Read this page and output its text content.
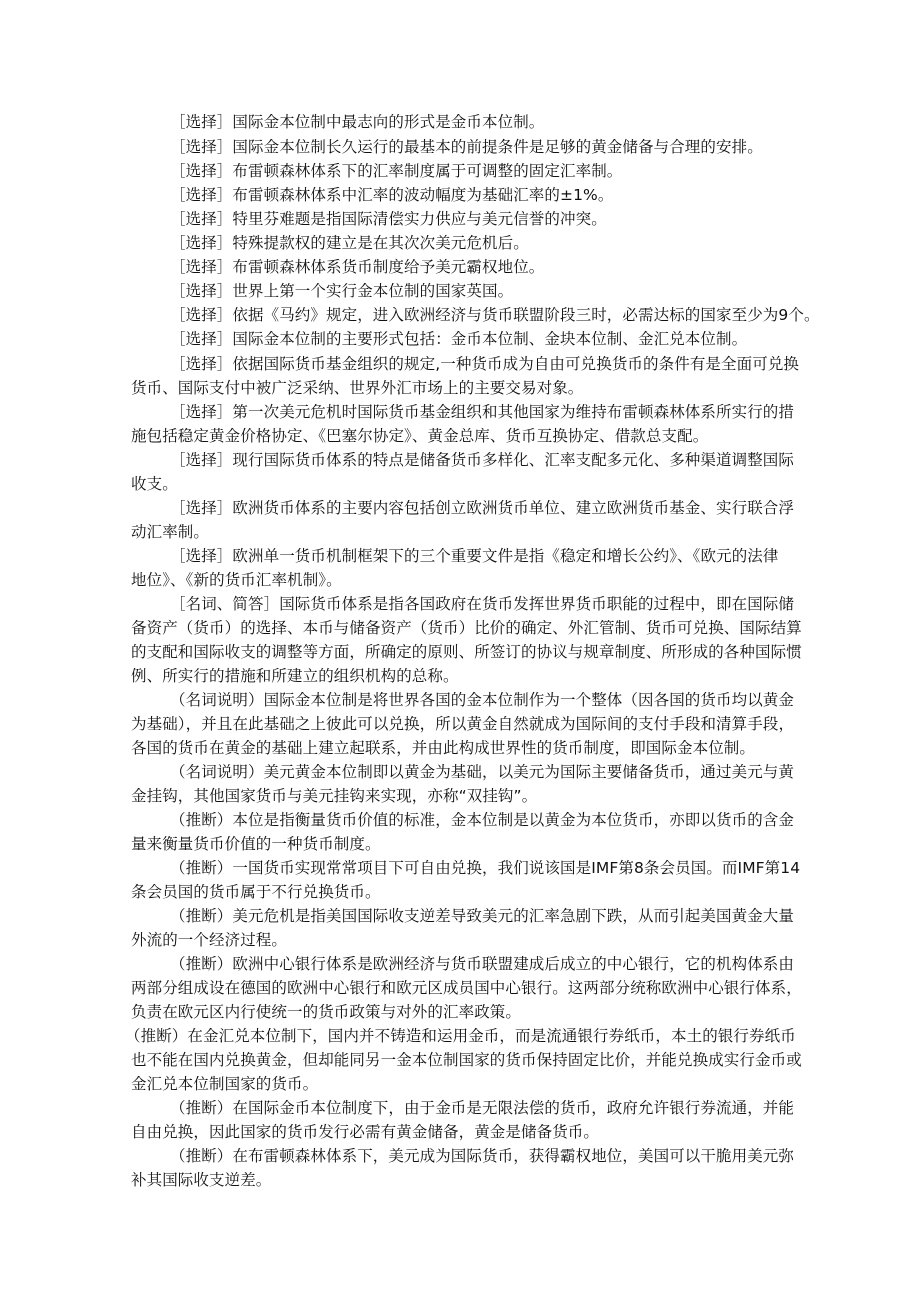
［选择］国际金本位制中最志向的形式是金币本位制。
［选择］国际金本位制长久运行的最基本的前提条件是足够的黄金储备与合理的安排。
［选择］布雷顿森林体系下的汇率制度属于可调整的固定汇率制。
［选择］布雷顿森林体系中汇率的波动幅度为基础汇率的±1%。
［选择］特里芬难题是指国际清偿实力供应与美元信誉的冲突。
［选择］特殊提款权的建立是在其次次美元危机后。
［选择］布雷顿森林体系货币制度给予美元霸权地位。
［选择］世界上第一个实行金本位制的国家英国。
［选择］依据《马约》规定，进入欧洲经济与货币联盟阶段三时，必需达标的国家至少为9个。
［选择］国际金本位制的主要形式包括：金币本位制、金块本位制、金汇兑本位制。
［选择］依据国际货币基金组织的规定,一种货币成为自由可兑换货币的条件有是全面可兑换
货币、国际支付中被广泛采纳、世界外汇市场上的主要交易对象。
［选择］第一次美元危机时国际货币基金组织和其他国家为维持布雷顿森林体系所实行的措
施包括稳定黄金价格协定、《巴塞尔协定》、黄金总库、货币互换协定、借款总支配。
［选择］现行国际货币体系的特点是储备货币多样化、汇率支配多元化、多种渠道调整国际
收支。
［选择］欧洲货币体系的主要内容包括创立欧洲货币单位、建立欧洲货币基金、实行联合浮
动汇率制。
［选择］欧洲单一货币机制框架下的三个重要文件是指《稳定和增长公约》、《欧元的法律
地位》、《新的货币汇率机制》。
［名词、简答］国际货币体系是指各国政府在货币发挥世界货币职能的过程中，即在国际储
备资产（货币）的选择、本币与储备资产（货币）比价的确定、外汇管制、货币可兑换、国际结算
的支配和国际收支的调整等方面，所确定的原则、所签订的协议与规章制度、所形成的各种国际惯
例、所实行的措施和所建立的组织机构的总称。
（名词说明）国际金本位制是将世界各国的金本位制作为一个整体（因各国的货币均以黄金
为基础），并且在此基础之上彼此可以兑换，所以黄金自然就成为国际间的支付手段和清算手段，
各国的货币在黄金的基础上建立起联系，并由此构成世界性的货币制度，即国际金本位制。
（名词说明）美元黄金本位制即以黄金为基础，以美元为国际主要储备货币，通过美元与黄
金挂钩，其他国家货币与美元挂钩来实现，亦称“双挂钩”。
（推断）本位是指衡量货币价值的标准，金本位制是以黄金为本位货币，亦即以货币的含金
量来衡量货币价值的一种货币制度。
（推断）一国货币实现常常项目下可自由兑换，我们说该国是IMF第8条会员国。而IMF第14
条会员国的货币属于不行兑换货币。
（推断）美元危机是指美国国际收支逆差导致美元的汇率急剧下跌，从而引起美国黄金大量
外流的一个经济过程。
（推断）欧洲中心银行体系是欧洲经济与货币联盟建成后成立的中心银行，它的机构体系由
两部分组成设在德国的欧洲中心银行和欧元区成员国中心银行。这两部分统称欧洲中心银行体系，
负责在欧元区内行使统一的货币政策与对外的汇率政策。
（推断）在金汇兑本位制下，国内并不铸造和运用金币，而是流通银行券纸币，本土的银行券纸币
也不能在国内兑换黄金，但却能同另一金本位制国家的货币保持固定比价，并能兑换成实行金币或
金汇兑本位制国家的货币。
（推断）在国际金币本位制度下，由于金币是无限法偿的货币，政府允许银行券流通，并能
自由兑换，因此国家的货币发行必需有黄金储备，黄金是储备货币。
（推断）在布雷顿森林体系下，美元成为国际货币，获得霸权地位，美国可以干脆用美元弥
补其国际收支逆差。
